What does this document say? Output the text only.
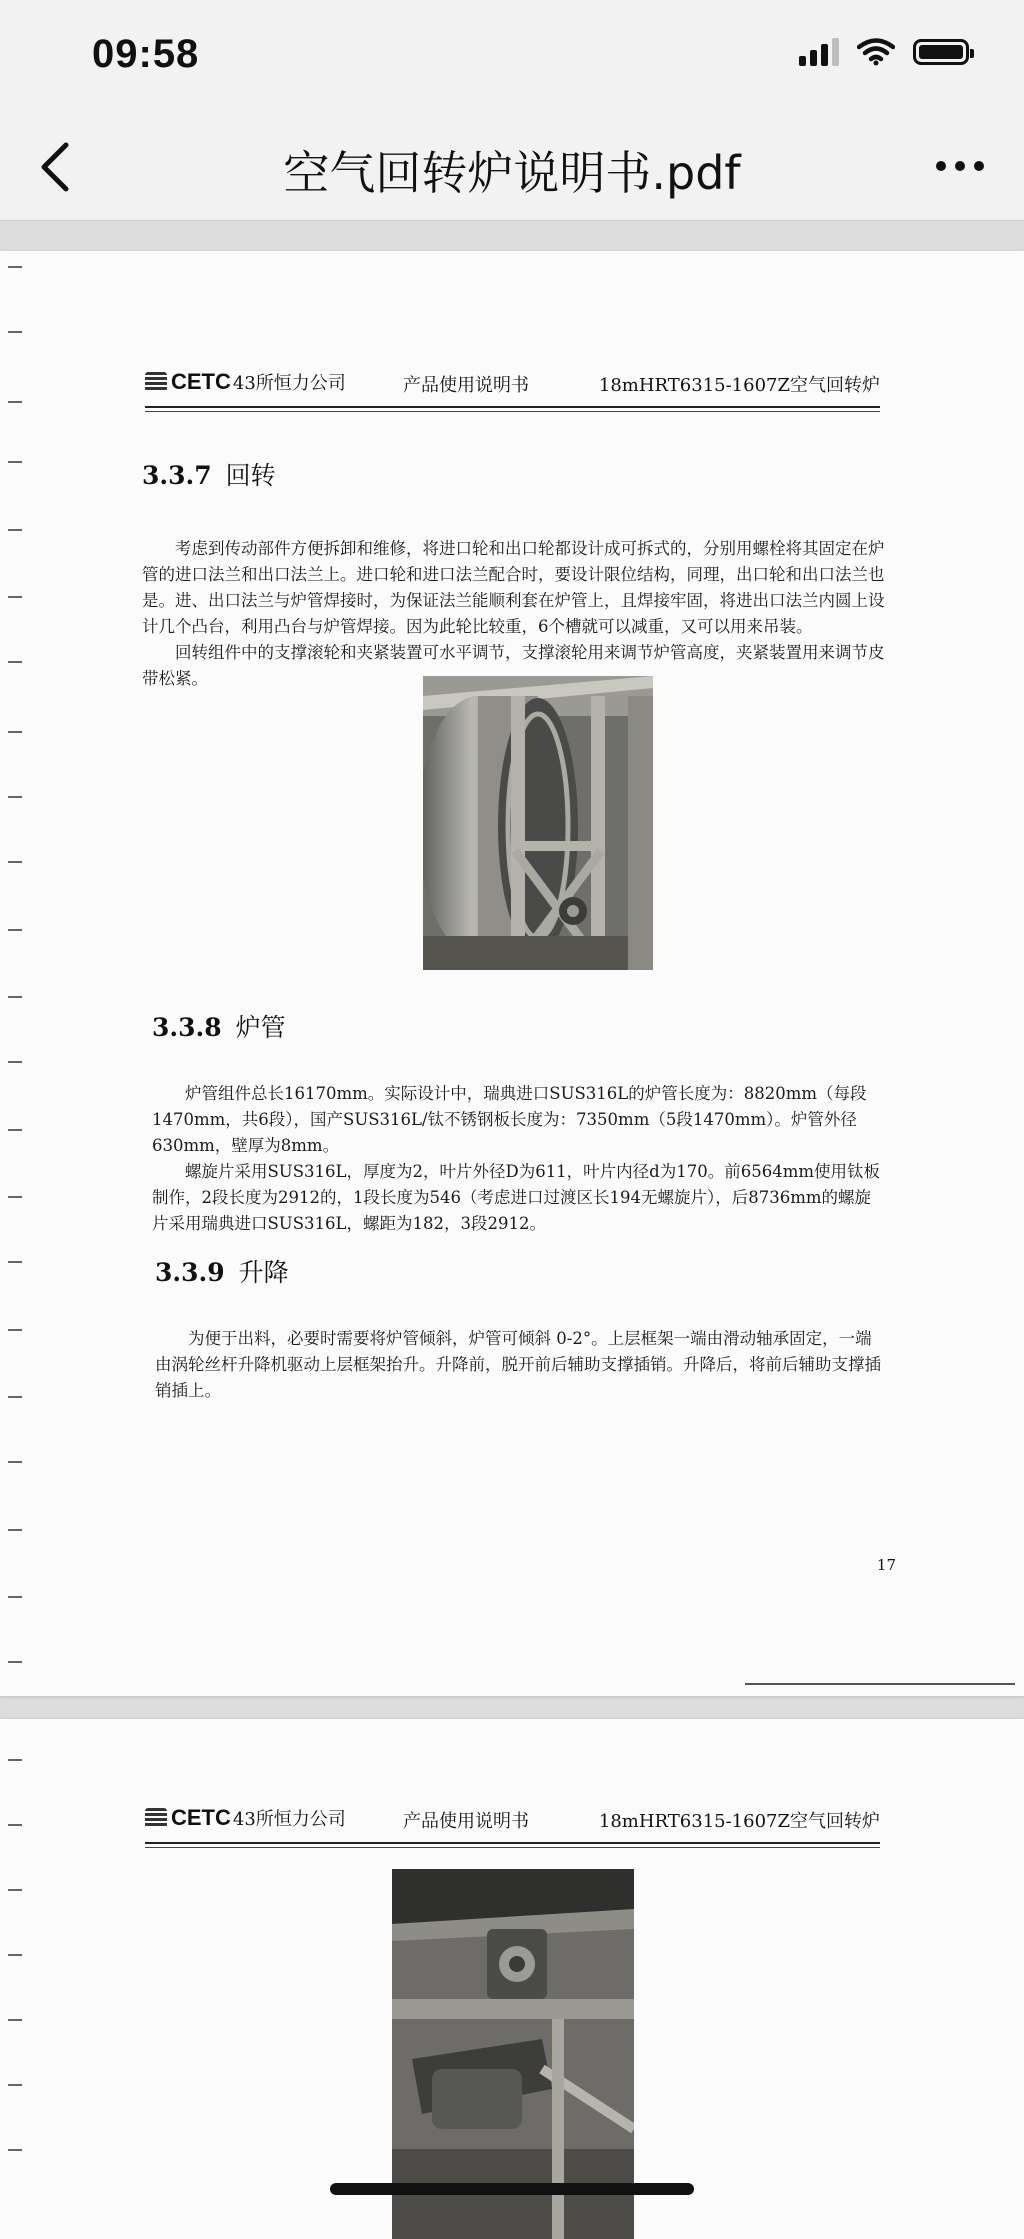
09:58
空气回转炉说明书.pdf
CETC 43所恒力公司	产品使用说明书	18mHRT6315-1607Z空气回转炉
3.3.7 回转

考虑到传动部件方便拆卸和维修，将进口轮和出口轮都设计成可拆式的，分别用螺栓将其固定在炉管的进口法兰和出口法兰上。进口轮和进口法兰配合时，要设计限位结构，同理，出口轮和出口法兰也是。进、出口法兰与炉管焊接时，为保证法兰能顺利套在炉管上，且焊接牢固，将进出口法兰内圆上设计几个凸台，利用凸台与炉管焊接。因为此轮比较重，6个槽就可以减重，又可以用来吊装。

回转组件中的支撑滚轮和夹紧装置可水平调节，支撑滚轮用来调节炉管高度，夹紧装置用来调节皮带松紧。

3.3.8 炉管

炉管组件总长16170mm。实际设计中，瑞典进口SUS316L的炉管长度为：8820mm（每段1470mm，共6段），国产SUS316L/钛不锈钢板长度为：7350mm（5段1470mm）。炉管外径630mm，壁厚为8mm。

螺旋片采用SUS316L，厚度为2，叶片外径D为611，叶片内径d为170。前6564mm使用钛板制作，2段长度为2912的，1段长度为546（考虑进口过渡区长194无螺旋片），后8736mm的螺旋片采用瑞典进口SUS316L，螺距为182，3段2912。

3.3.9 升降

为便于出料，必要时需要将炉管倾斜，炉管可倾斜 0-2°。上层框架一端由滑动轴承固定，一端由涡轮丝杆升降机驱动上层框架抬升。升降前，脱开前后辅助支撑插销。升降后，将前后辅助支撑插销插上。

17
CETC 43所恒力公司	产品使用说明书	18mHRT6315-1607Z空气回转炉
